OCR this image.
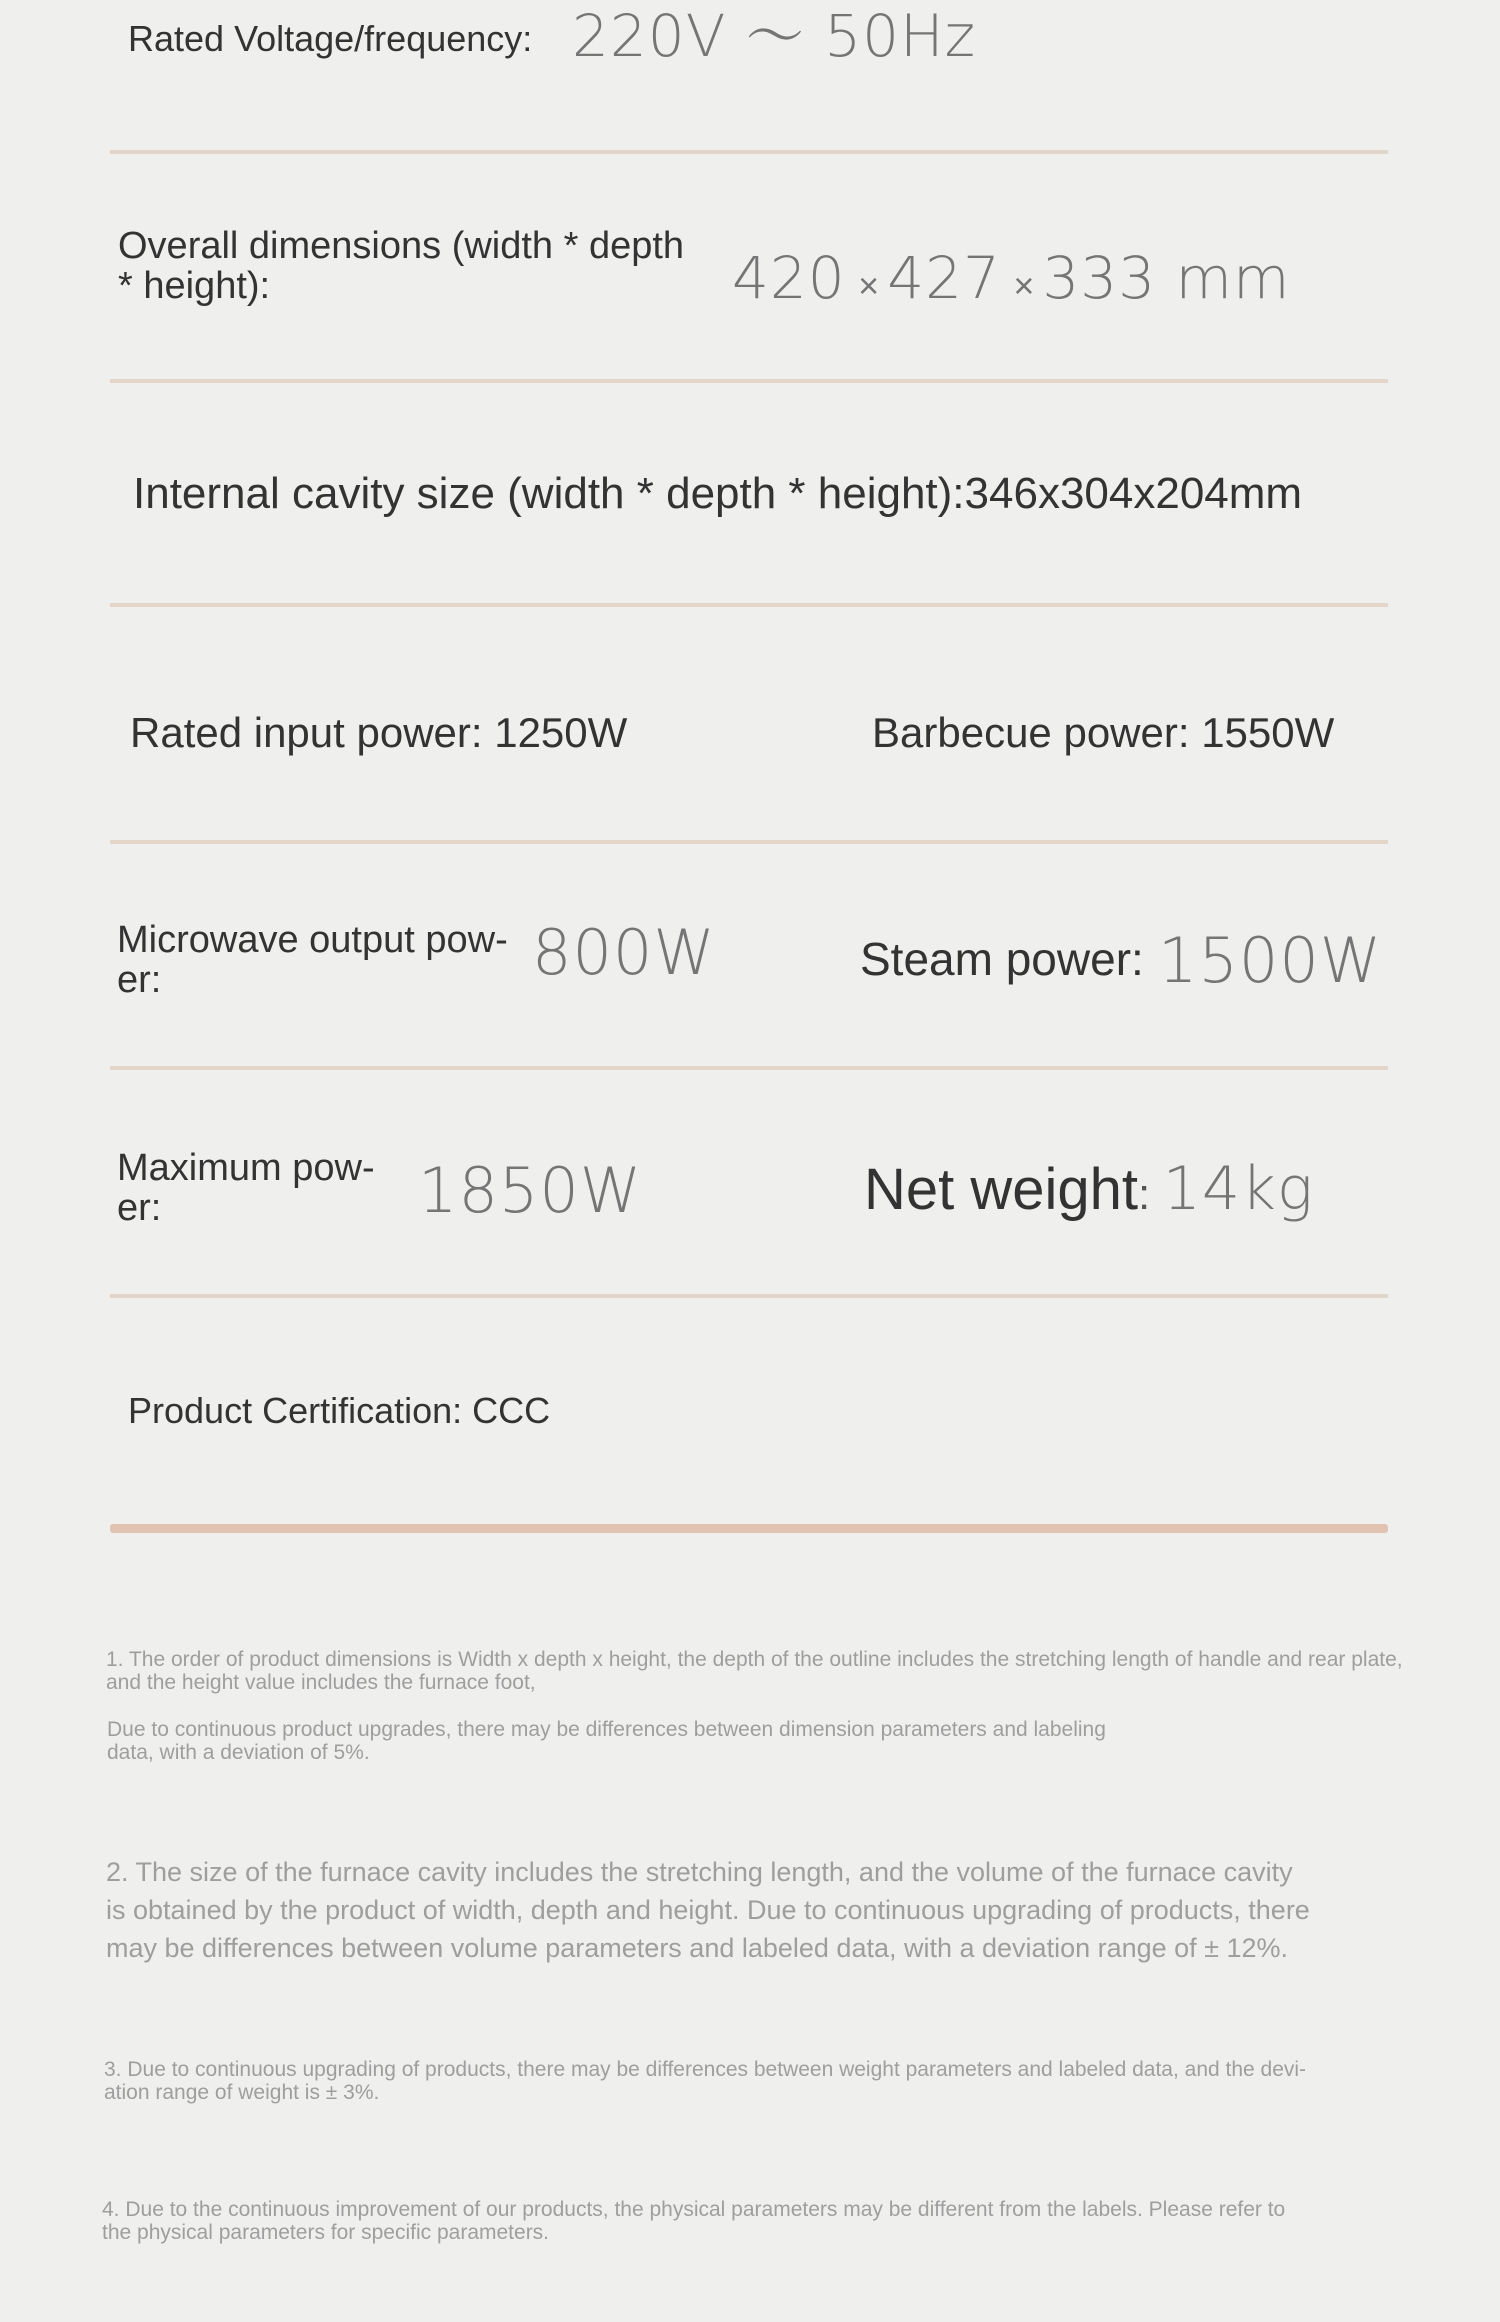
Rated Voltage/frequency: 220V ～ 50Hz
Overall dimensions (width * depth
* height):	420 × 427 × 333 mm
Internal cavity size (width * depth * height):346x304x204mm
Rated input power: 1250W	Barbecue power: 1550W
Microwave output pow-
er:	800W	Steam power: 1500W
Maximum pow-
er:	1850W	Net weight: 14kg
Product Certification: CCC
1. The order of product dimensions is Width x depth x height, the depth of the outline includes the stretching length of handle and rear plate, and the height value includes the furnace foot,
Due to continuous product upgrades, there may be differences between dimension parameters and labeling
data, with a deviation of 5%.
2. The size of the furnace cavity includes the stretching length, and the volume of the furnace cavity
is obtained by the product of width, depth and height. Due to continuous upgrading of products, there
may be differences between volume parameters and labeled data, with a deviation range of ± 12%.
3. Due to continuous upgrading of products, there may be differences between weight parameters and labeled data, and the devi-
ation range of weight is ± 3%.
4. Due to the continuous improvement of our products, the physical parameters may be different from the labels. Please refer to
the physical parameters for specific parameters.
